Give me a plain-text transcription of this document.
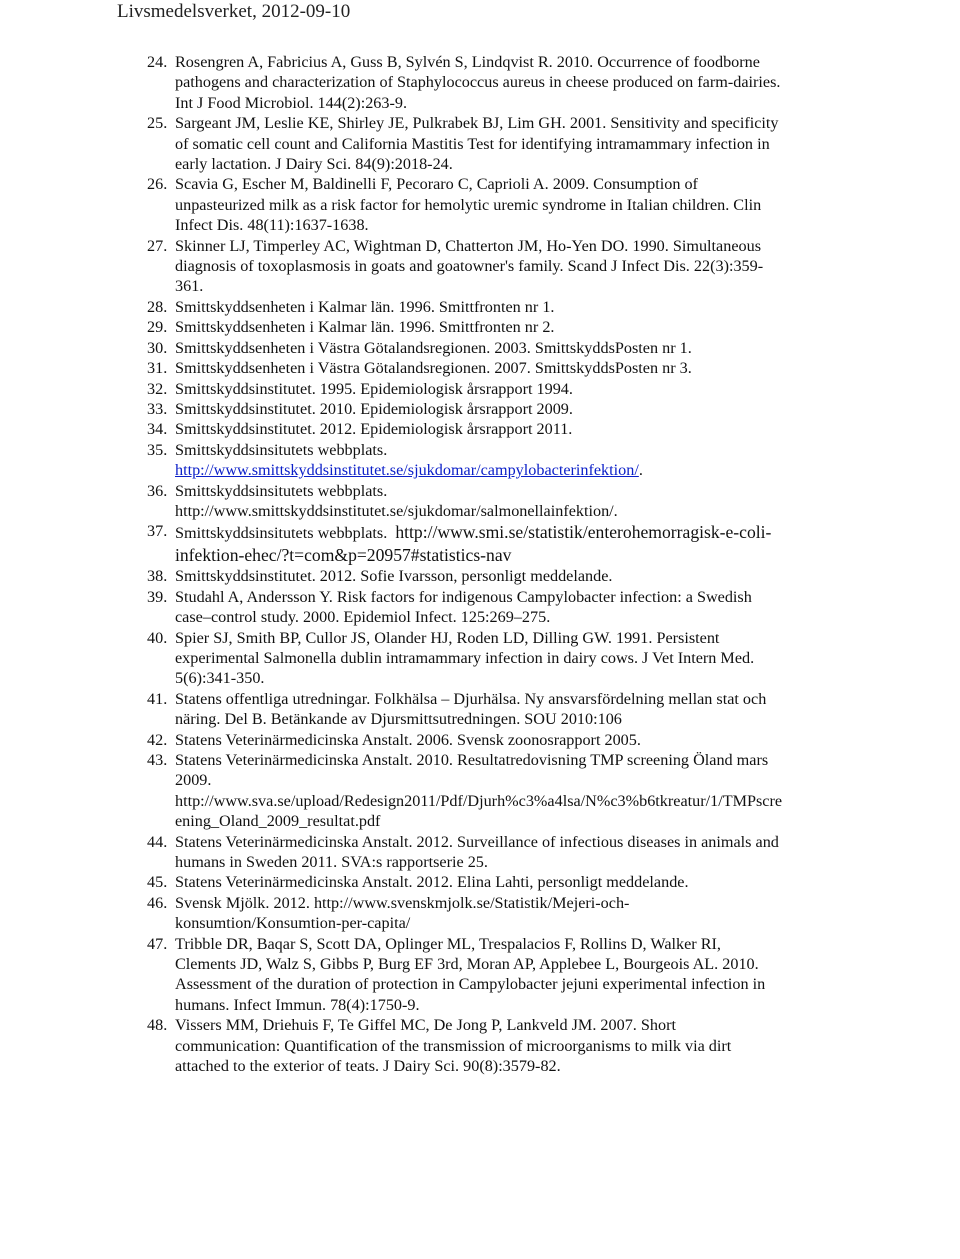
Livsmedelsverket, 2012-09-10
24. Rosengren A, Fabricius A, Guss B, Sylvén S, Lindqvist R. 2010. Occurrence of foodborne
pathogens and characterization of Staphylococcus aureus in cheese produced on farm-dairies.
Int J Food Microbiol. 144(2):263-9.
25. Sargeant JM, Leslie KE, Shirley JE, Pulkrabek BJ, Lim GH. 2001. Sensitivity and specificity
of somatic cell count and California Mastitis Test for identifying intramammary infection in
early lactation. J Dairy Sci. 84(9):2018-24.
26. Scavia G, Escher M, Baldinelli F, Pecoraro C, Caprioli A. 2009. Consumption of
unpasteurized milk as a risk factor for hemolytic uremic syndrome in Italian children. Clin
Infect Dis. 48(11):1637-1638.
27. Skinner LJ, Timperley AC, Wightman D, Chatterton JM, Ho-Yen DO. 1990. Simultaneous
diagnosis of toxoplasmosis in goats and goatowner's family. Scand J Infect Dis. 22(3):359-
361.
28. Smittskyddsenheten i Kalmar län. 1996. Smittfronten nr 1.
29. Smittskyddsenheten i Kalmar län. 1996. Smittfronten nr 2.
30. Smittskyddsenheten i Västra Götalandsregionen. 2003. SmittskyddsPosten nr 1.
31. Smittskyddsenheten i Västra Götalandsregionen. 2007. SmittskyddsPosten nr 3.
32. Smittskyddsinstitutet. 1995. Epidemiologisk årsrapport 1994.
33. Smittskyddsinstitutet. 2010. Epidemiologisk årsrapport 2009.
34. Smittskyddsinstitutet. 2012. Epidemiologisk årsrapport 2011.
35. Smittskyddsinsitutets webbplats.
http://www.smittskyddsinstitutet.se/sjukdomar/campylobacterinfektion/.
36. Smittskyddsinsitutets webbplats.
http://www.smittskyddsinstitutet.se/sjukdomar/salmonellainfektion/.
37. Smittskyddsinsitutets webbplats.  http://www.smi.se/statistik/enterohemorragisk-e-coli-
infektion-ehec/?t=com&p=20957#statistics-nav
38. Smittskyddsinstitutet. 2012. Sofie Ivarsson, personligt meddelande.
39. Studahl A, Andersson Y. Risk factors for indigenous Campylobacter infection: a Swedish
case–control study. 2000. Epidemiol Infect. 125:269–275.
40. Spier SJ, Smith BP, Cullor JS, Olander HJ, Roden LD, Dilling GW. 1991. Persistent
experimental Salmonella dublin intramammary infection in dairy cows. J Vet Intern Med.
5(6):341-350.
41. Statens offentliga utredningar. Folkhälsa – Djurhälsa. Ny ansvarsfördelning mellan stat och
näring. Del B. Betänkande av Djursmittsutredningen. SOU 2010:106
42. Statens Veterinärmedicinska Anstalt. 2006. Svensk zoonosrapport 2005.
43. Statens Veterinärmedicinska Anstalt. 2010. Resultatredovisning TMP screening Öland mars
2009.
http://www.sva.se/upload/Redesign2011/Pdf/Djurh%c3%a4lsa/N%c3%b6tkreatur/1/TMPscre
ening_Oland_2009_resultat.pdf
44. Statens Veterinärmedicinska Anstalt. 2012. Surveillance of infectious diseases in animals and
humans in Sweden 2011. SVA:s rapportserie 25.
45. Statens Veterinärmedicinska Anstalt. 2012. Elina Lahti, personligt meddelande.
46. Svensk Mjölk. 2012. http://www.svenskmjolk.se/Statistik/Mejeri-och-
konsumtion/Konsumtion-per-capita/
47. Tribble DR, Baqar S, Scott DA, Oplinger ML, Trespalacios F, Rollins D, Walker RI,
Clements JD, Walz S, Gibbs P, Burg EF 3rd, Moran AP, Applebee L, Bourgeois AL. 2010.
Assessment of the duration of protection in Campylobacter jejuni experimental infection in
humans. Infect Immun. 78(4):1750-9.
48. Vissers MM, Driehuis F, Te Giffel MC, De Jong P, Lankveld JM. 2007. Short
communication: Quantification of the transmission of microorganisms to milk via dirt
attached to the exterior of teats. J Dairy Sci. 90(8):3579-82.
